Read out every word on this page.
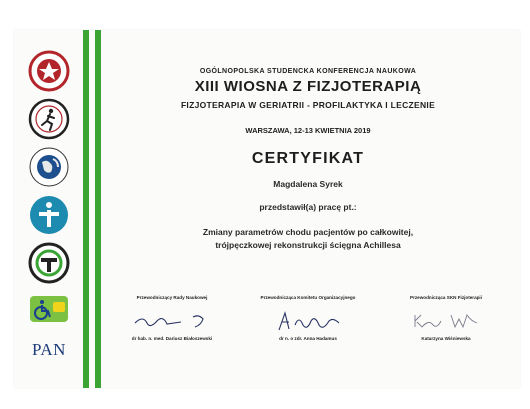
PAN

OGÓLNOPOLSKA STUDENCKA KONFERENCJA NAUKOWA
XIII WIOSNA Z FIZJOTERAPIĄ
FIZJOTERAPIA W GERIATRII - PROFILAKTYKA I LECZENIE
WARSZAWA, 12-13 KWIETNIA 2019
CERTYFIKAT
Magdalena Syrek
przedstawił(a) pracę pt.:
Zmiany parametrów chodu pacjentów po całkowitej,
trójpęczkowej rekonstrukcji ścięgna Achillesa
Przewodniczący Rady Naukowej
dr hab. n. med. Dariusz Białoszewski
Przewodnicząca Komitetu Organizacyjnego
dr n. o zdr. Anna Hadamus
Przewodnicząca SKN Fizjoterapii
Katarzyna Wiśniewska
